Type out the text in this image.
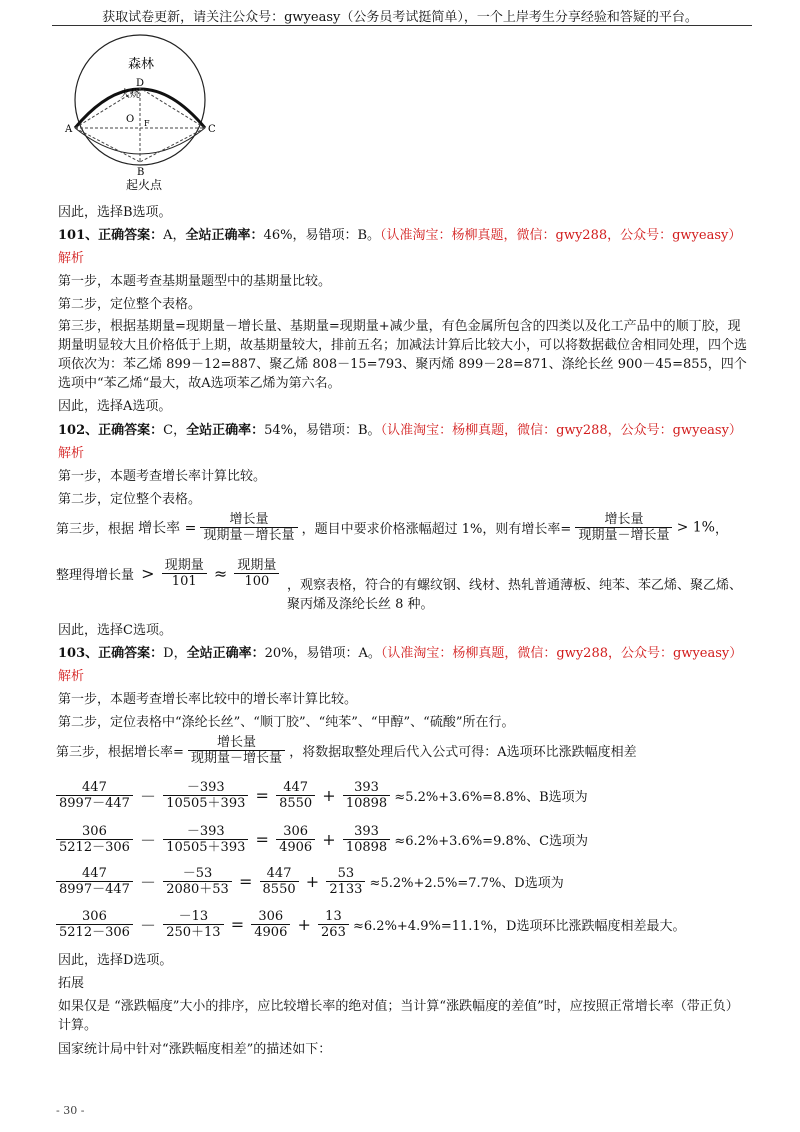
获取试卷更新，请关注公众号：gwyeasy（公务员考试挺简单），一个上岸考生分享经验和答疑的平台。
森林
D
火烧
O F
A	C
B
起火点
因此，选择B选项。
101、正确答案：A，全站正确率：46%，易错项：B。（认准淘宝：杨柳真题，微信：gwy288，公众号：gwyeasy）
解析
第一步，本题考查基期量题型中的基期量比较。
第二步，定位整个表格。
第三步，根据基期量=现期量－增长量、基期量=现期量+减少量，有色金属所包含的四类以及化工产品中的顺丁胶，现期量明显较大且价格低于上期，故基期量较大，排前五名；加减法计算后比较大小，可以将数据截位舍相同处理，四个选项依次为：苯乙烯 899－12=887、聚乙烯 808－15=793、聚丙烯 899－28=871、涤纶长丝 900－45=855，四个选项中“苯乙烯“最大，故A选项苯乙烯为第六名。
因此，选择A选项。
102、正确答案：C，全站正确率：54%，易错项：B。（认准淘宝：杨柳真题，微信：gwy288，公众号：gwyeasy）
解析
第一步，本题考查增长率计算比较。
第二步，定位整个表格。
第三步，根据 增长率 = $\frac{\text{增长量}}{\text{现期量－增长量}}$ ，题目中要求价格涨幅超过 1%，则有增长率= $\frac{\text{增长量}}{\text{现期量－增长量}} > 1\%$，
整理得增长量 > $\frac{\text{现期量}}{101} \approx \frac{\text{现期量}}{100}$ ，观察表格，符合的有螺纹钢、线材、热轧普通薄板、纯苯、苯乙烯、聚乙烯、聚丙烯及涤纶长丝 8 种。
因此，选择C选项。
103、正确答案：D，全站正确率：20%，易错项：A。（认准淘宝：杨柳真题，微信：gwy288，公众号：gwyeasy）
解析
第一步，本题考查增长率比较中的增长率计算比较。
第二步，定位表格中“涤纶长丝”、“顺丁胶”、“纯苯”、“甲醇”、“硫酸”所在行。
第三步，根据增长率= $\frac{\text{增长量}}{\text{现期量－增长量}}$ ，将数据取整处理后代入公式可得：A选项环比涨跌幅度相差
$\frac{447}{8997-447} - \frac{-393}{10505+393} = \frac{447}{8550} + \frac{393}{10898} \approx 5.2\%+3.6\%=8.8\%$、B选项为
$\frac{306}{5212-306} - \frac{-393}{10505+393} = \frac{306}{4906} + \frac{393}{10898} \approx 6.2\%+3.6\%=9.8\%$、C选项为
$\frac{447}{8997-447} - \frac{-53}{2080+53} = \frac{447}{8550} + \frac{53}{2133} \approx 5.2\%+2.5\%=7.7\%$、D选项为
$\frac{306}{5212-306} - \frac{-13}{250+13} = \frac{306}{4906} + \frac{13}{263} \approx 6.2\%+4.9\%=11.1\%$，D选项环比涨跌幅度相差最大。
因此，选择D选项。
拓展
如果仅是 “涨跌幅度”大小的排序，应比较增长率的绝对值；当计算“涨跌幅度的差值”时，应按照正常增长率（带正负）计算。
国家统计局中针对“涨跌幅度相差”的描述如下：
- 30 -
